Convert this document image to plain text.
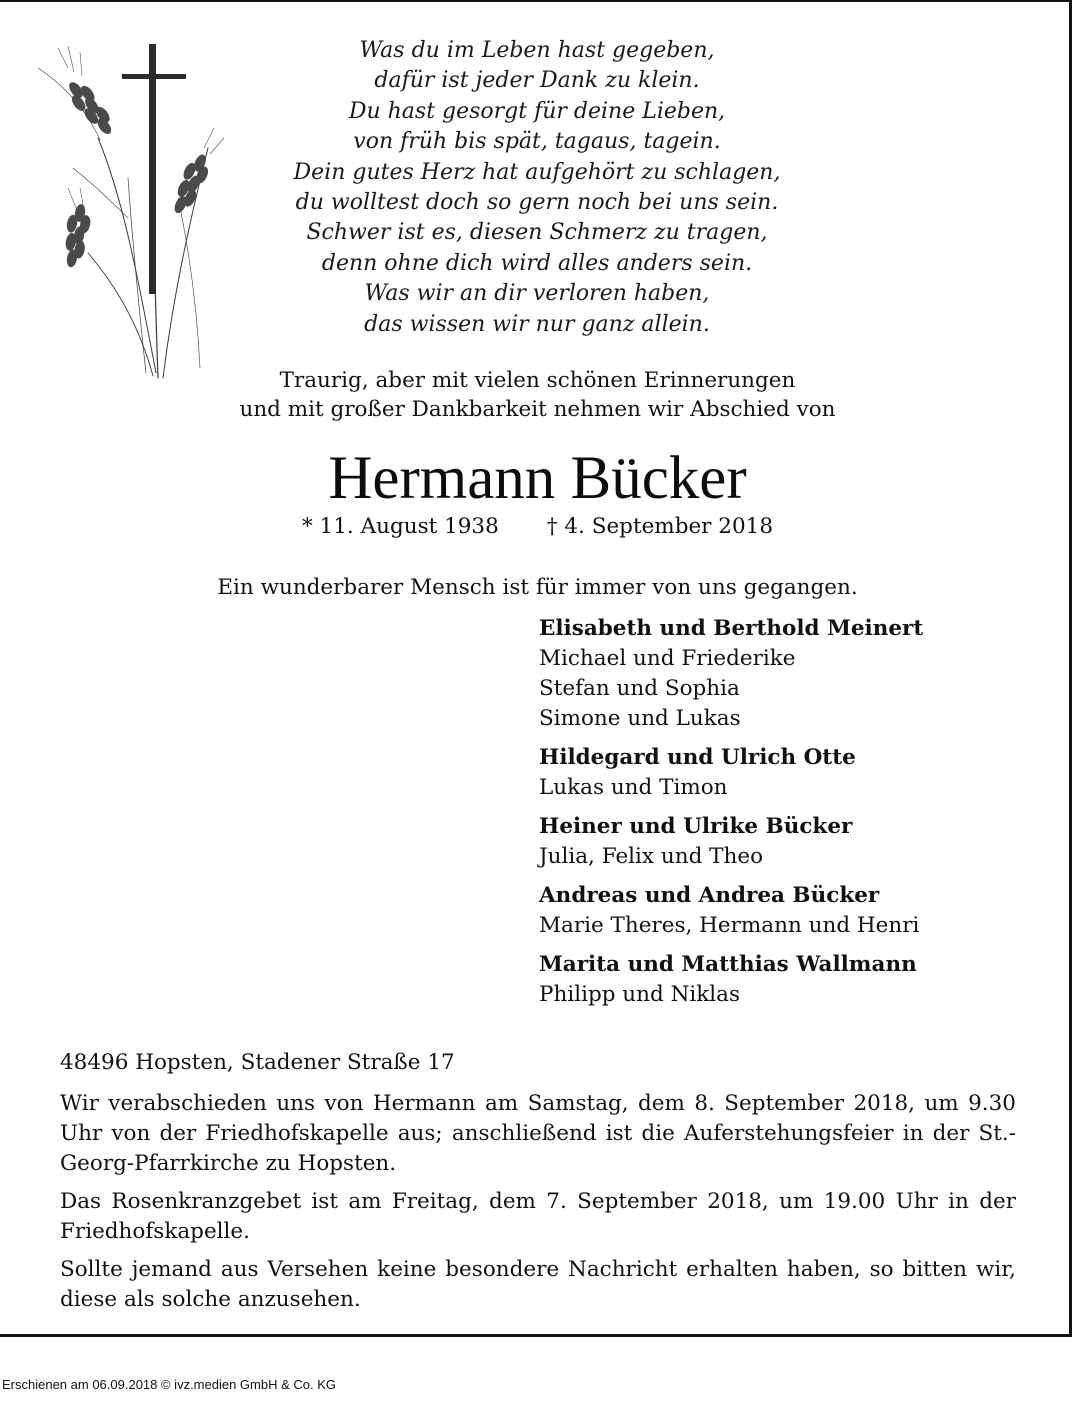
Was du im Leben hast gegeben,
dafür ist jeder Dank zu klein.
Du hast gesorgt für deine Lieben,
von früh bis spät, tagaus, tagein.
Dein gutes Herz hat aufgehört zu schlagen,
du wolltest doch so gern noch bei uns sein.
Schwer ist es, diesen Schmerz zu tragen,
denn ohne dich wird alles anders sein.
Was wir an dir verloren haben,
das wissen wir nur ganz allein.
Traurig, aber mit vielen schönen Erinnerungen
und mit großer Dankbarkeit nehmen wir Abschied von
Hermann Bücker
* 11. August 1938 † 4. September 2018
Ein wunderbarer Mensch ist für immer von uns gegangen.
Elisabeth und Berthold Meinert
Michael und Friederike
Stefan und Sophia
Simone und Lukas
Hildegard und Ulrich Otte
Lukas und Timon
Heiner und Ulrike Bücker
Julia, Felix und Theo
Andreas und Andrea Bücker
Marie Theres, Hermann und Henri
Marita und Matthias Wallmann
Philipp und Niklas
48496 Hopsten, Stadener Straße 17

Wir verabschieden uns von Hermann am Samstag, dem 8. September 2018, um 9.30 Uhr von der Friedhofskapelle aus; anschließend ist die Auferstehungsfeier in der St.-Georg-Pfarrkirche zu Hopsten.

Das Rosenkranzgebet ist am Freitag, dem 7. September 2018, um 19.00 Uhr in der Friedhofskapelle.

Sollte jemand aus Versehen keine besondere Nachricht erhalten haben, so bitten wir, diese als solche anzusehen.

Erschienen am 06.09.2018 © ivz.medien GmbH & Co. KG
